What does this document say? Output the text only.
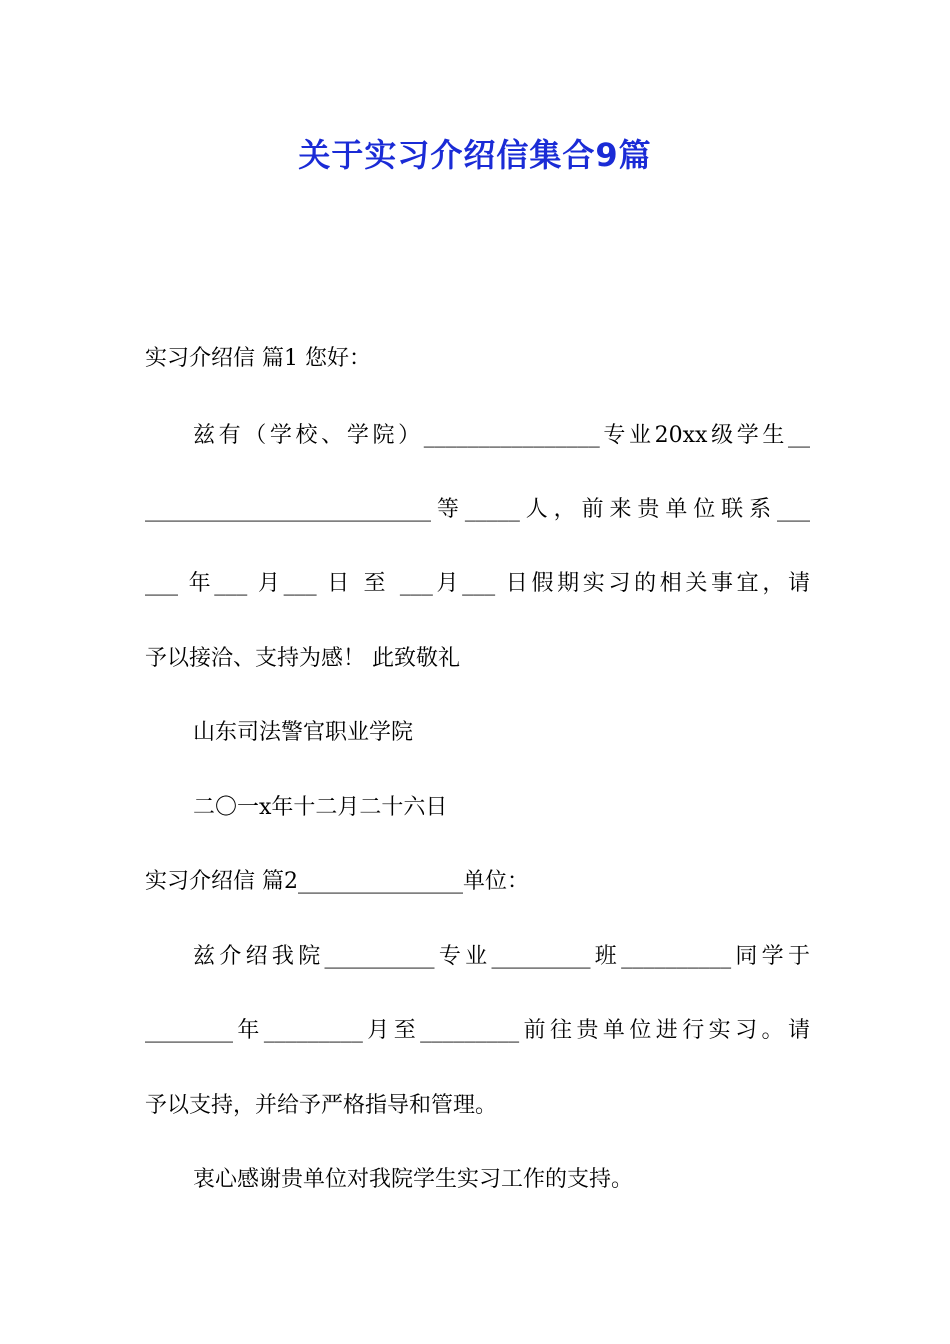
关于实习介绍信集合9篇

实习介绍信 篇1 您好：

兹有（学校、学院）________________专业20xx级学生__

__________________________等_____人，前来贵单位联系___

___ 年___ 月___ 日 至 ___月___ 日假期实习的相关事宜，请

予以接洽、支持为感！ 此致敬礼

山东司法警官职业学院

二〇一x年十二月二十六日

实习介绍信 篇2_______________单位：

兹介绍我院__________专业_________班__________同学于

________年_________月至_________前往贵单位进行实习。请

予以支持，并给予严格指导和管理。

衷心感谢贵单位对我院学生实习工作的支持。
